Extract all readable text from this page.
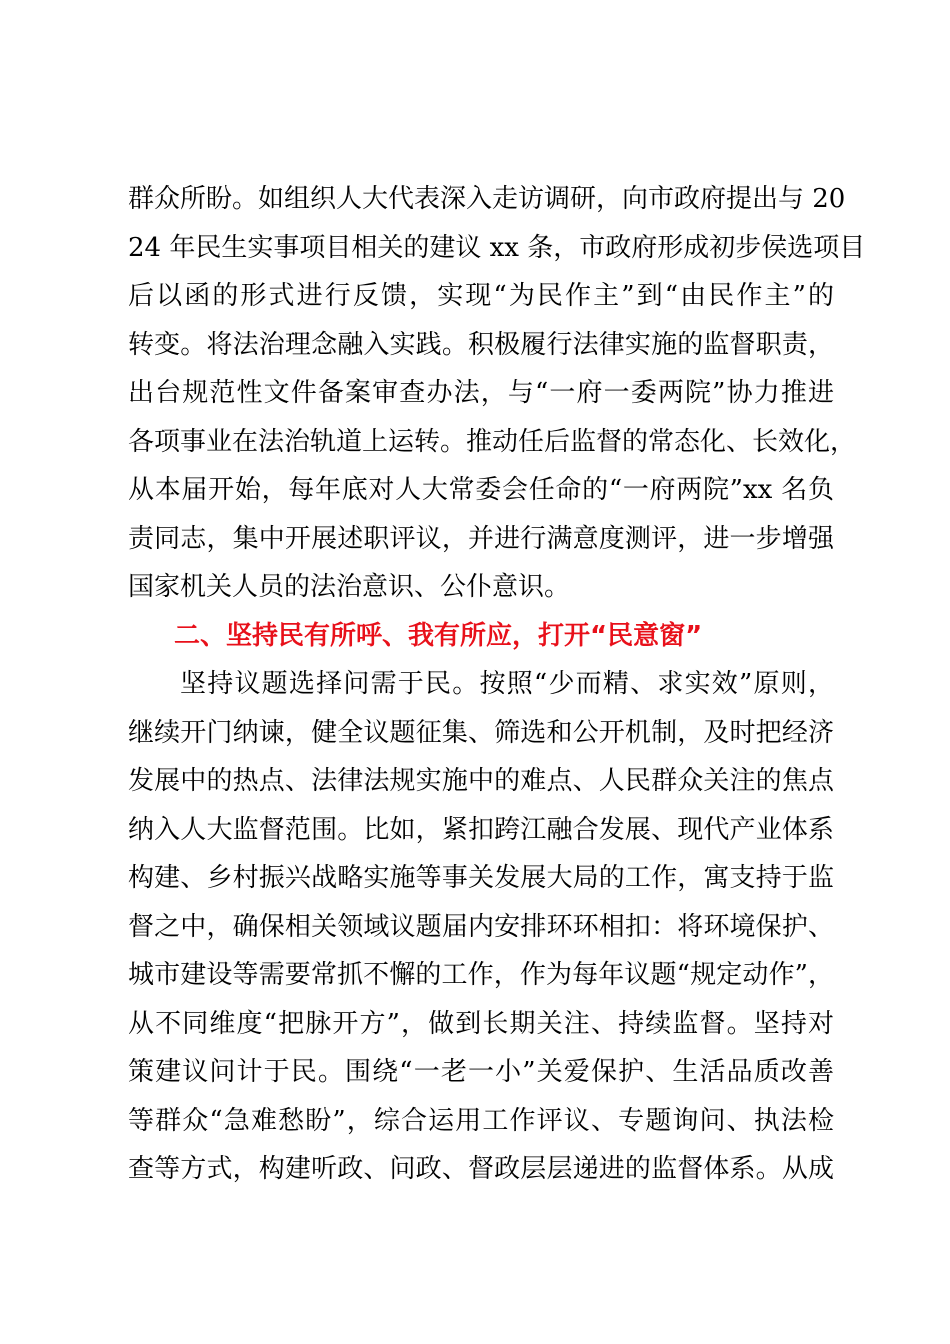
群众所盼。如组织人大代表深入走访调研，向市政府提出与 20
24 年民生实事项目相关的建议 xx 条，市政府形成初步侯选项目
后以函的形式进行反馈，实现“为民作主”到“由民作主”的
转变。将法治理念融入实践。积极履行法律实施的监督职责，
出台规范性文件备案审查办法，与“一府一委两院”协力推进
各项事业在法治轨道上运转。推动任后监督的常态化、长效化，
从本届开始，每年底对人大常委会任命的“一府两院”xx 名负
责同志，集中开展述职评议，并进行满意度测评，进一步增强
国家机关人员的法治意识、公仆意识。
二、坚持民有所呼、我有所应，打开“民意窗”
坚持议题选择问需于民。按照“少而精、求实效”原则，
继续开门纳谏，健全议题征集、筛选和公开机制，及时把经济
发展中的热点、法律法规实施中的难点、人民群众关注的焦点
纳入人大监督范围。比如，紧扣跨江融合发展、现代产业体系
构建、乡村振兴战略实施等事关发展大局的工作，寓支持于监
督之中，确保相关领域议题届内安排环环相扣：将环境保护、
城市建设等需要常抓不懈的工作，作为每年议题“规定动作”，
从不同维度“把脉开方”，做到长期关注、持续监督。坚持对
策建议问计于民。围绕“一老一小”关爱保护、生活品质改善
等群众“急难愁盼”，综合运用工作评议、专题询问、执法检
查等方式，构建听政、问政、督政层层递进的监督体系。从成
